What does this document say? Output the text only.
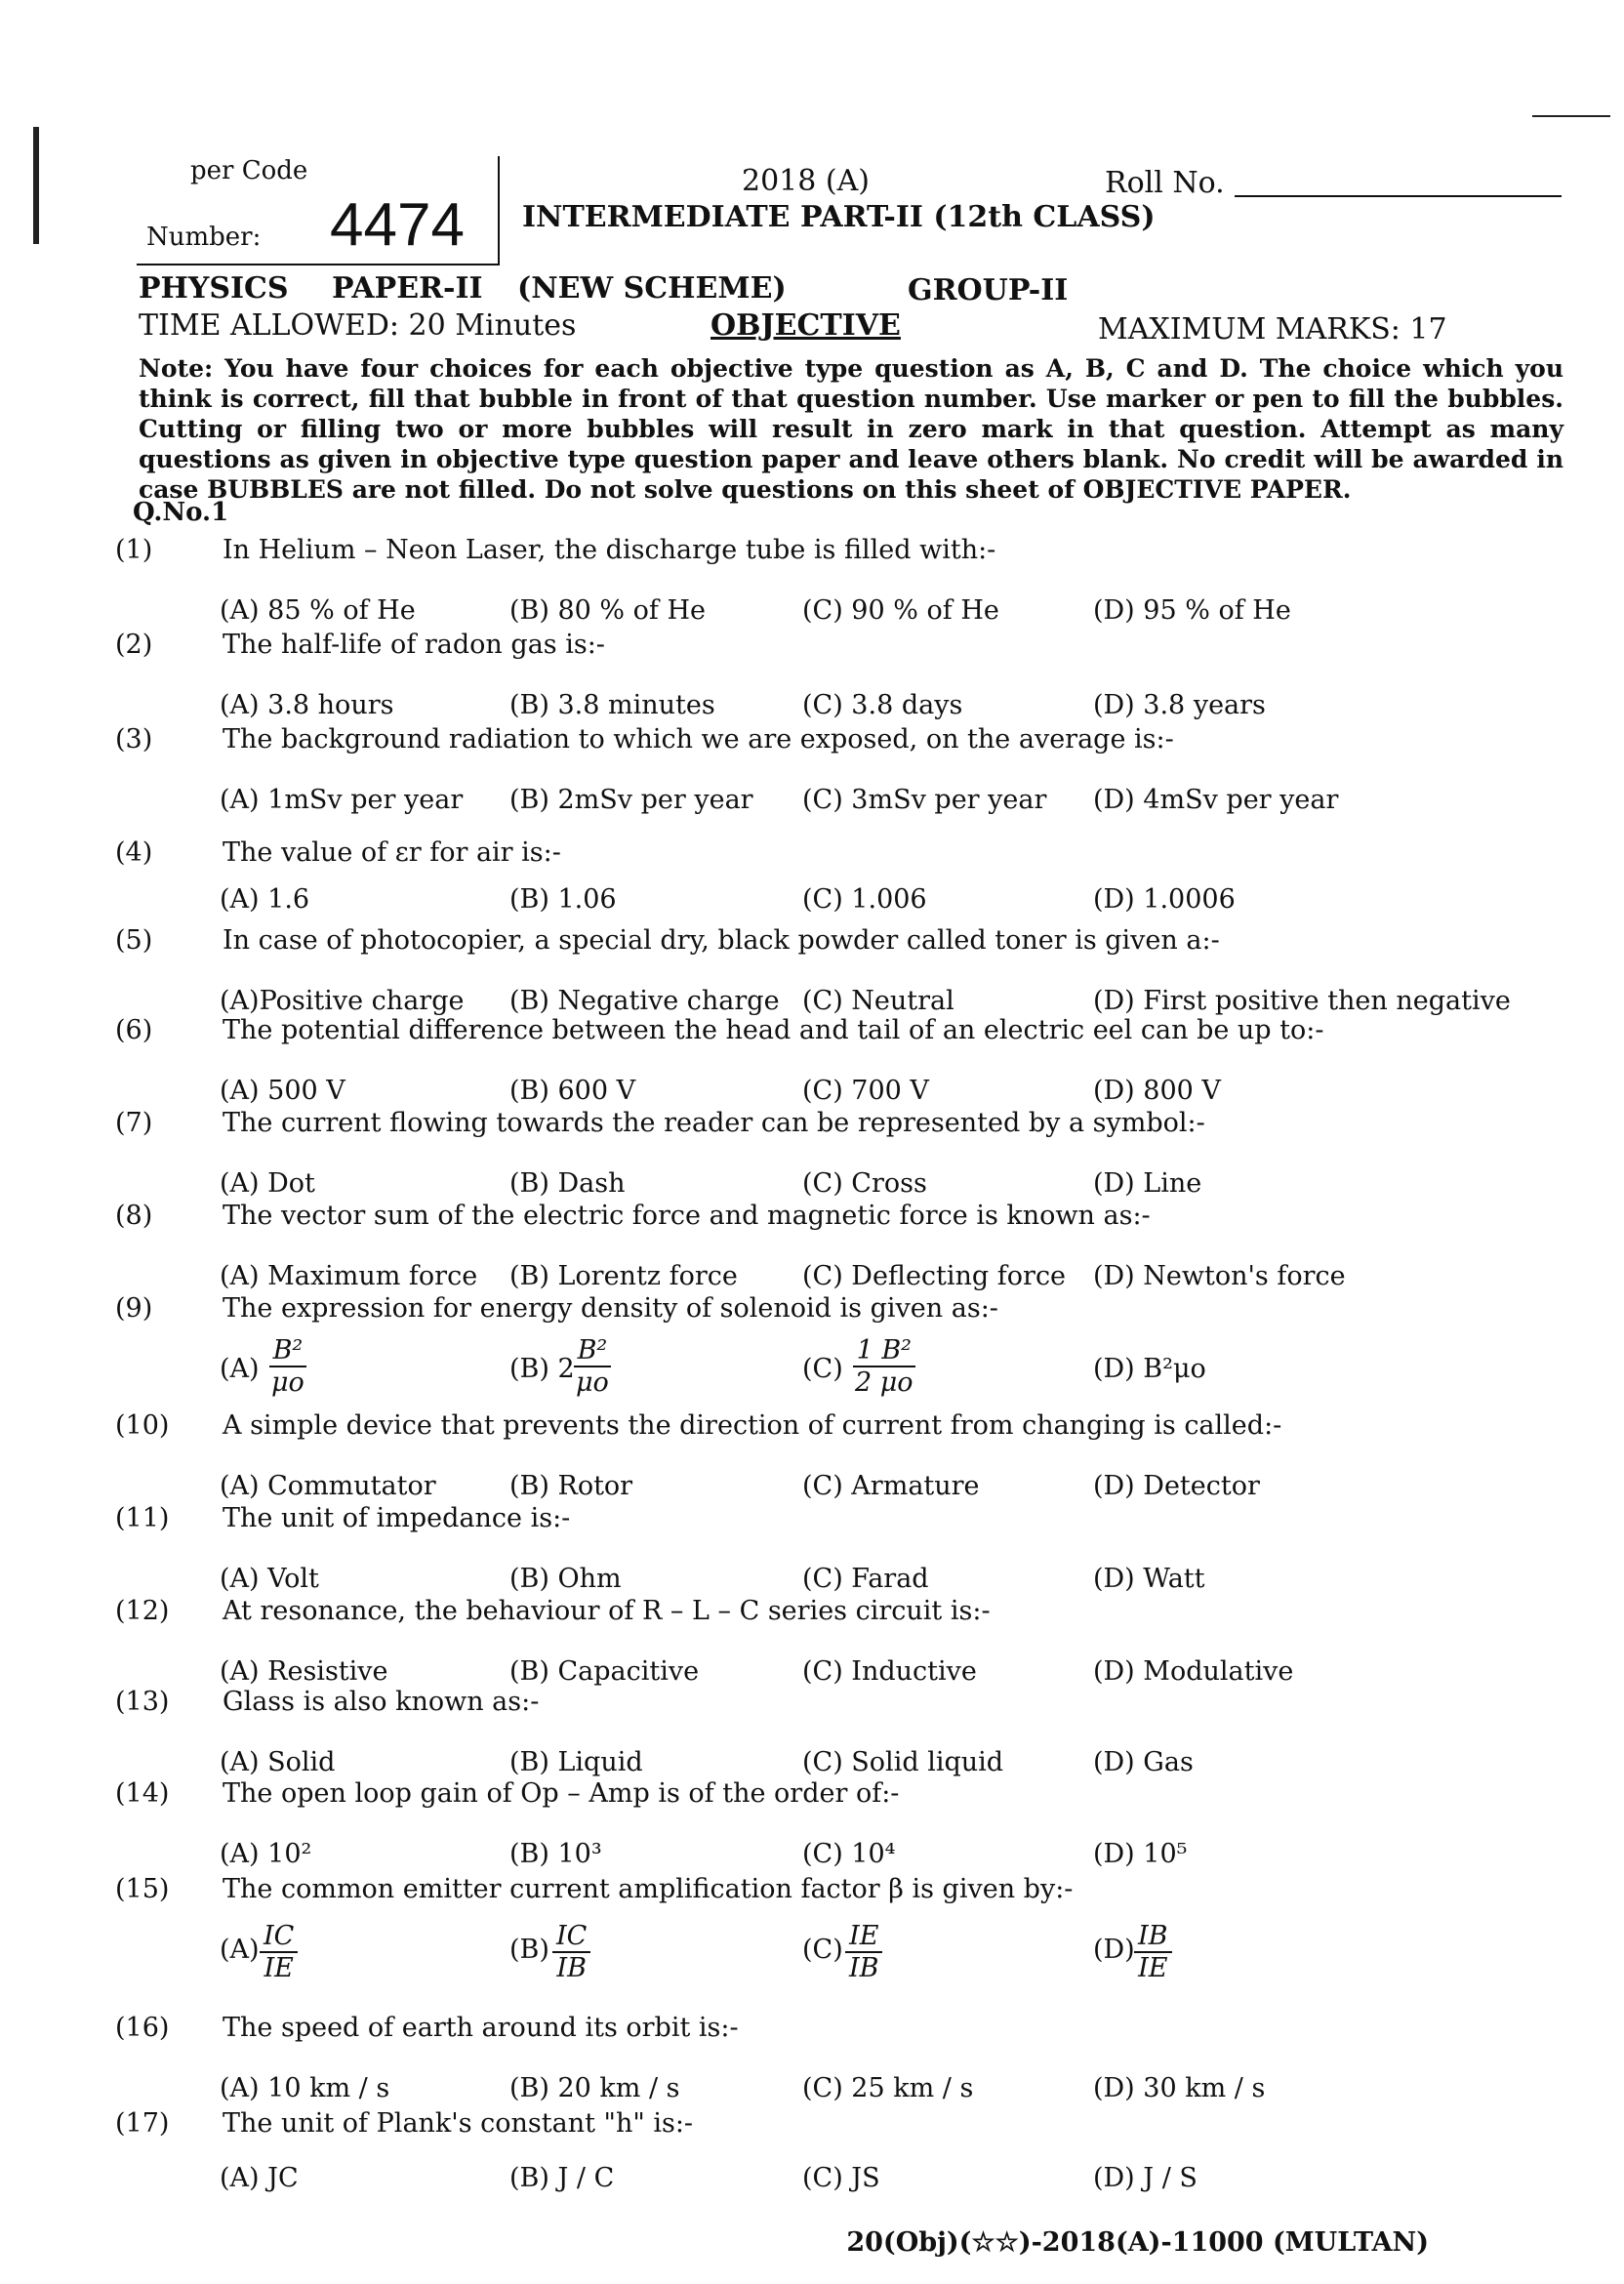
per Code
Number: 4474
2018 (A)
INTERMEDIATE PART-II (12th CLASS)
Roll No.
PHYSICS PAPER-II (NEW SCHEME)	GROUP-II
TIME ALLOWED: 20 Minutes	OBJECTIVE	MAXIMUM MARKS: 17
Note: You have four choices for each objective type question as A, B, C and D. The choice which you think is correct, fill that bubble in front of that question number. Use marker or pen to fill the bubbles. Cutting or filling two or more bubbles will result in zero mark in that question. Attempt as many questions as given in objective type question paper and leave others blank. No credit will be awarded in case BUBBLES are not filled. Do not solve questions on this sheet of OBJECTIVE PAPER.
Q.No.1
(1)	In Helium – Neon Laser, the discharge tube is filled with:-
(A) 85 % of He	(B) 80 % of He	(C) 90 % of He	(D) 95 % of He
(2)	The half-life of radon gas is:-
(A) 3.8 hours	(B) 3.8 minutes	(C) 3.8 days	(D) 3.8 years
(3)	The background radiation to which we are exposed, on the average is:-
(A) 1mSv per year (B) 2mSv per year (C) 3mSv per year (D) 4mSv per year
(4)	The value of εr for air is:-
(A) 1.6	(B) 1.06	(C) 1.006	(D) 1.0006
(5)	In case of photocopier, a special dry, black powder called toner is given a:-
(A)Positive charge (B) Negative charge (C) Neutral	(D) First positive then negative
(6)	The potential difference between the head and tail of an electric eel can be up to:-
(A) 500 V	(B) 600 V	(C) 700 V	(D) 800 V
(7)	The current flowing towards the reader can be represented by a symbol:-
(A) Dot	(B) Dash	(C) Cross	(D) Line
(8)	The vector sum of the electric force and magnetic force is known as:-
(A) Maximum force (B) Lorentz force (C) Deflecting force (D) Newton's force
(9)	The expression for energy density of solenoid is given as:-
(A)	(B) 2	(C)	(D) B²μo
(10) A simple device that prevents the direction of current from changing is called:-
(A) Commutator	(B) Rotor	(C) Armature	(D) Detector
(11) The unit of impedance is:-
(A) Volt	(B) Ohm	(C) Farad	(D) Watt
(12) At resonance, the behaviour of R – L – C series circuit is:-
(A) Resistive	(B) Capacitive	(C) Inductive	(D) Modulative
(13) Glass is also known as:-
(A) Solid	(B) Liquid	(C) Solid liquid	(D) Gas
(14) The open loop gain of Op – Amp is of the order of:-
(A) 10²	(B) 10³	(C) 10⁴	(D) 10⁵
(15) The common emitter current amplification factor β is given by:-
(A)	(B)	(C)	(D)
(16) The speed of earth around its orbit is:-
(A) 10 km / s	(B) 20 km / s	(C) 25 km / s	(D) 30 km / s
(17) The unit of Plank's constant "h" is:-
(A) JC	(B) J / C	(C) JS	(D) J / S
$\frac{\text{B²}}{\mu o}$	$\frac{\text{B²}}{\mu o}$	$\frac{\text{1 B²}}{2 \mu o}$
$\frac{IC}{IE}$	$\frac{IC}{IB}$	$\frac{IE}{IB}$	$\frac{IB}{IE}$
20(Obj)(☆☆)-2018(A)-11000 (MULTAN)
